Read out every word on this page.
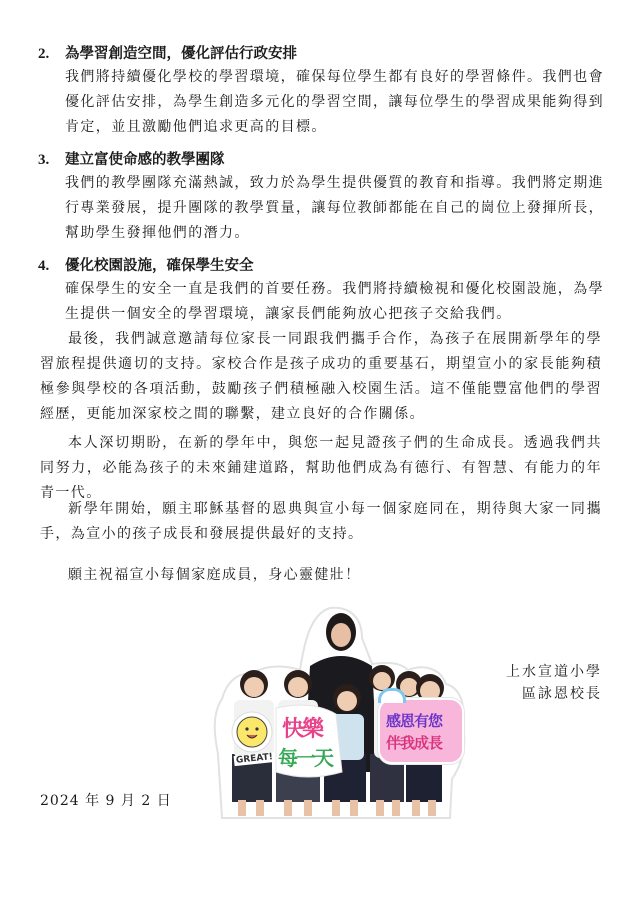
2.	為學習創造空間，優化評估行政安排
我們將持續優化學校的學習環境，確保每位學生都有良好的學習條件。我們也會優化評估安排，為學生創造多元化的學習空間，讓每位學生的學習成果能夠得到肯定，並且激勵他們追求更高的目標。
3.	建立富使命感的教學團隊
我們的教學團隊充滿熱誠，致力於為學生提供優質的教育和指導。我們將定期進行專業發展，提升團隊的教學質量，讓每位教師都能在自己的崗位上發揮所長，幫助學生發揮他們的潛力。
4.	優化校園設施，確保學生安全
確保學生的安全一直是我們的首要任務。我們將持續檢視和優化校園設施，為學生提供一個安全的學習環境，讓家長們能夠放心把孩子交給我們。

最後，我們誠意邀請每位家長一同跟我們攜手合作，為孩子在展開新學年的學習旅程提供適切的支持。家校合作是孩子成功的重要基石，期望宣小的家長能夠積極參與學校的各項活動，鼓勵孩子們積極融入校園生活。這不僅能豐富他們的學習經歷，更能加深家校之間的聯繫，建立良好的合作關係。

本人深切期盼，在新的學年中，與您一起見證孩子們的生命成長。透過我們共同努力，必能為孩子的未來鋪建道路，幫助他們成為有德行、有智慧、有能力的年青一代。

新學年開始，願主耶穌基督的恩典與宣小每一個家庭同在，期待與大家一同攜手，為宣小的孩子成長和發展提供最好的支持。

願主祝福宣小每個家庭成員，身心靈健壯！

GREAT!
快樂
每一天
感恩有您
伴我成長
上水宣道小學
區詠恩校長
2024 年 9 月 2 日
